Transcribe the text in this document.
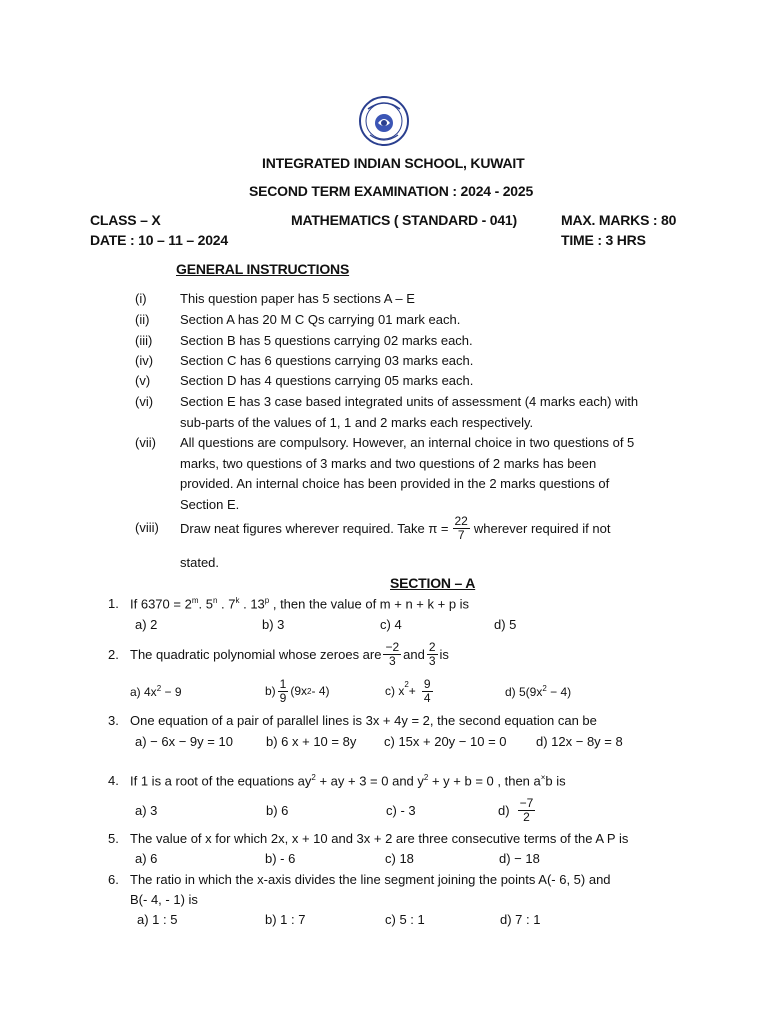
INTEGRATED INDIAN SCHOOL, KUWAIT
SECOND TERM EXAMINATION : 2024 - 2025
CLASS – X	MATHEMATICS ( STANDARD - 041)	MAX. MARKS : 80
DATE : 10 – 11 – 2024	TIME : 3 HRS
GENERAL INSTRUCTIONS
(i)	This question paper has 5 sections A – E
(ii) Section A has 20 M C Qs carrying 01 mark each.
(iii) Section B has 5 questions carrying 02 marks each.
(iv) Section C has 6 questions carrying 03 marks each.
(v) Section D has 4 questions carrying 05 marks each.
(vi) Section E has 3 case based integrated units of assessment (4 marks each) with
sub-parts of the values of 1, 1 and 2 marks each respectively.
(vii) All questions are compulsory. However, an internal choice in two questions of 5
marks, two questions of 3 marks and two questions of 2 marks has been
provided. An internal choice has been provided in the 2 marks questions of
Section E.
(viii) Draw neat figures wherever required. Take $\pi = \frac{22}{7}$ wherever required if not
stated.
SECTION – A
1. If $6370 = 2^m$. 5$^n$ . 7$^k$ . 13$^p$ , then the value of m + n + k + p is
a) 2	b) 3	c) 4	d) 5
2. The quadratic polynomial whose zeroes are $\frac{-2}{3}$ and $\frac{2}{3}$ is
a) $4x^2 - 9$	$b) \frac{1}{9} (9x$ 2 - 4)	c) $x^2 + \frac{9}{4}$	d) $5(9x^2 - 4)$
3. One equation of a pair of parallel lines is 3x + 4y = 2, the second equation can be
a) − 6x − 9y = 10	b) 6 x + 10 = 8y c) 15x + 20y − 10 = 0 d) 12x − 8y = 8
4. If 1 is a root of the equations $ay^2$ + ay + 3 = 0 and $y^2 + y + b = 0$ , then a×b is
a) 3	b) 6	c) - 3	$d) \frac{-7}{2}$
5. The value of x for which 2x, x + 10 and 3x + 2 are three consecutive terms of the A P is
a) 6	b) - 6	c) 18	d) − 18
6. The ratio in which the x-axis divides the line segment joining the points A(- 6, 5) and
B(- 4, - 1) is
a) 1 : 5	b) 1 : 7	c) 5 : 1	d) 7 : 1
